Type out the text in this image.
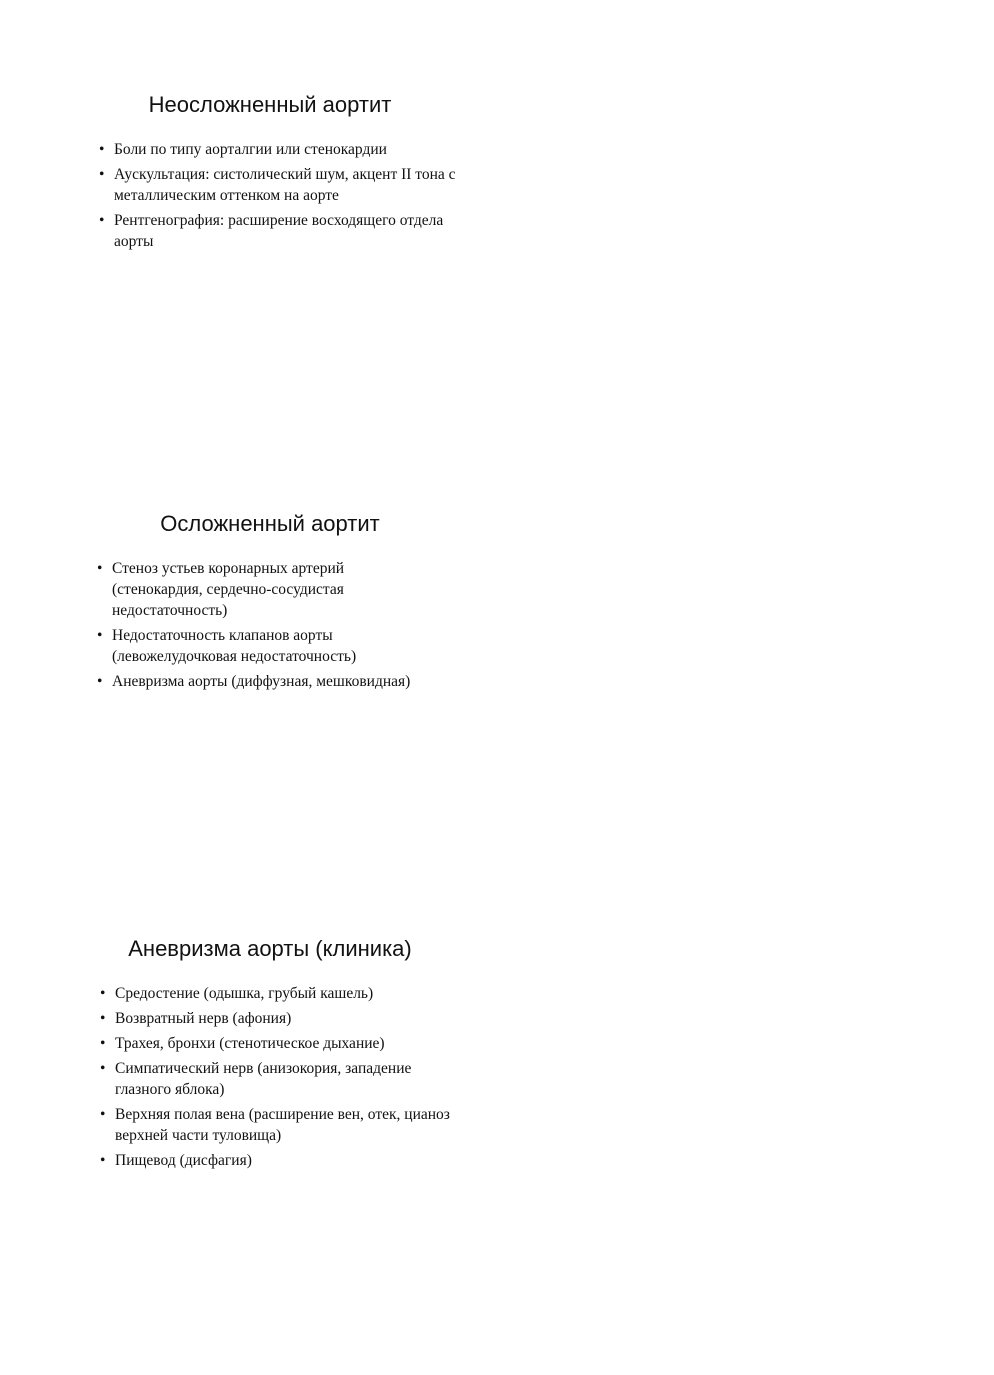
Неосложненный аортит
• Боли по типу аорталгии или стенокардии
• Аускультация: систолический шум, акцент II тона с металлическим оттенком на аорте
• Рентгенография: расширение восходящего отдела аорты
Осложненный аортит
• Стеноз устьев коронарных артерий (стенокардия, сердечно-сосудистая недостаточность)
• Недостаточность клапанов аорты (левожелудочковая недостаточность)
• Аневризма аорты (диффузная, мешковидная)
Аневризма аорты (клиника)
• Средостение (одышка, грубый кашель)
• Возвратный нерв (афония)
• Трахея, бронхи (стенотическое дыхание)
• Симпатический нерв (анизокория, западение глазного яблока)
• Верхняя полая вена (расширение вен, отек, цианоз верхней части туловища)
• Пищевод (дисфагия)
